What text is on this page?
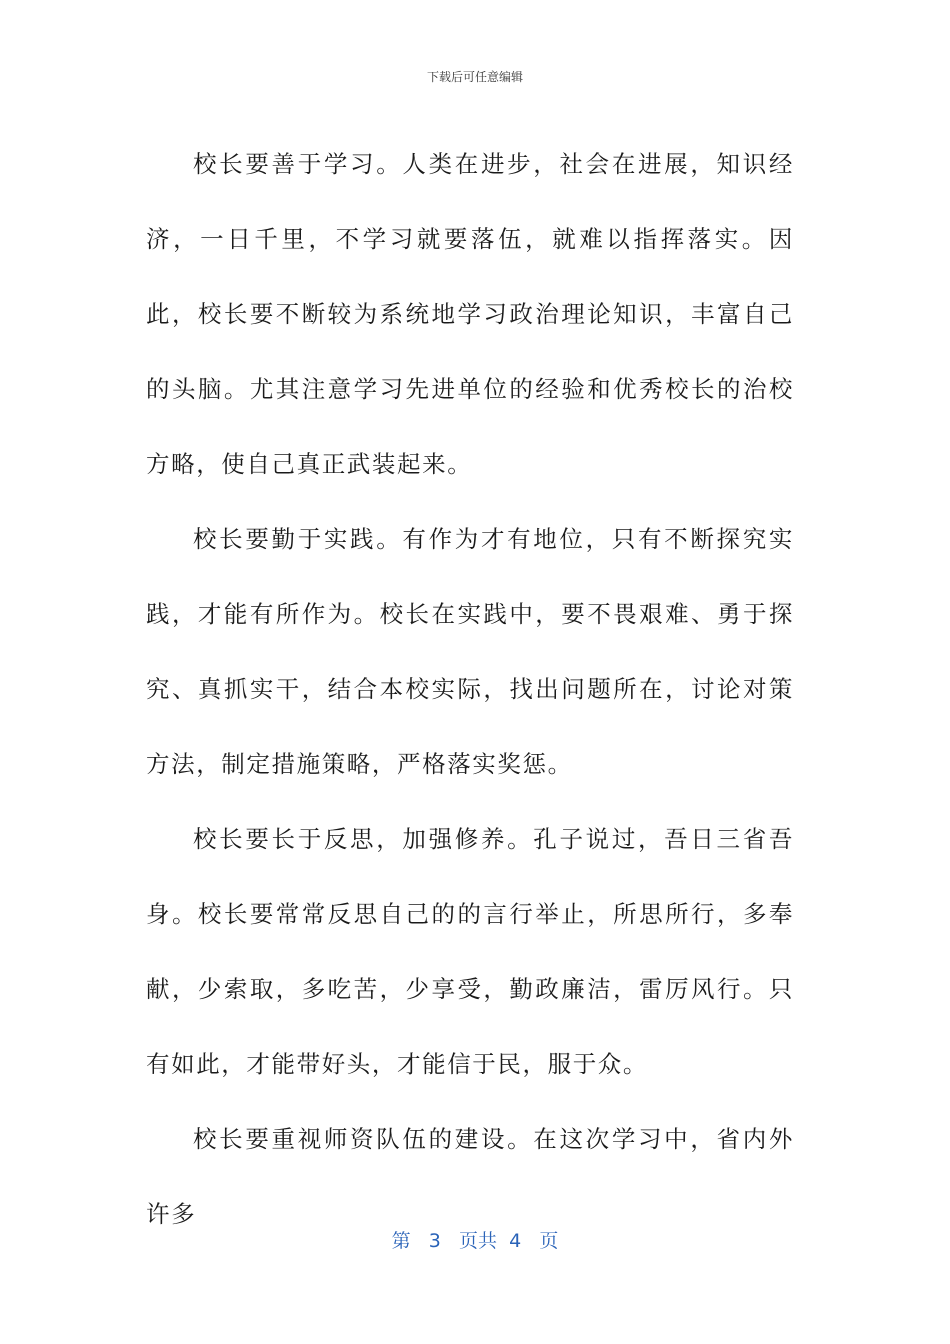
下载后可任意编辑

校长要善于学习。人类在进步，社会在进展，知识经济，一日千里，不学习就要落伍，就难以指挥落实。因此，校长要不断较为系统地学习政治理论知识，丰富自己的头脑。尤其注意学习先进单位的经验和优秀校长的治校方略，使自己真正武装起来。

校长要勤于实践。有作为才有地位，只有不断探究实践，才能有所作为。校长在实践中，要不畏艰难、勇于探究、真抓实干，结合本校实际，找出问题所在，讨论对策方法，制定措施策略，严格落实奖惩。

校长要长于反思，加强修养。孔子说过，吾日三省吾身。校长要常常反思自己的的言行举止，所思所行，多奉献，少索取，多吃苦，少享受，勤政廉洁，雷厉风行。只有如此，才能带好头，才能信于民，服于众。

校长要重视师资队伍的建设。在这次学习中，省内外许多

第 3 页共 4 页
